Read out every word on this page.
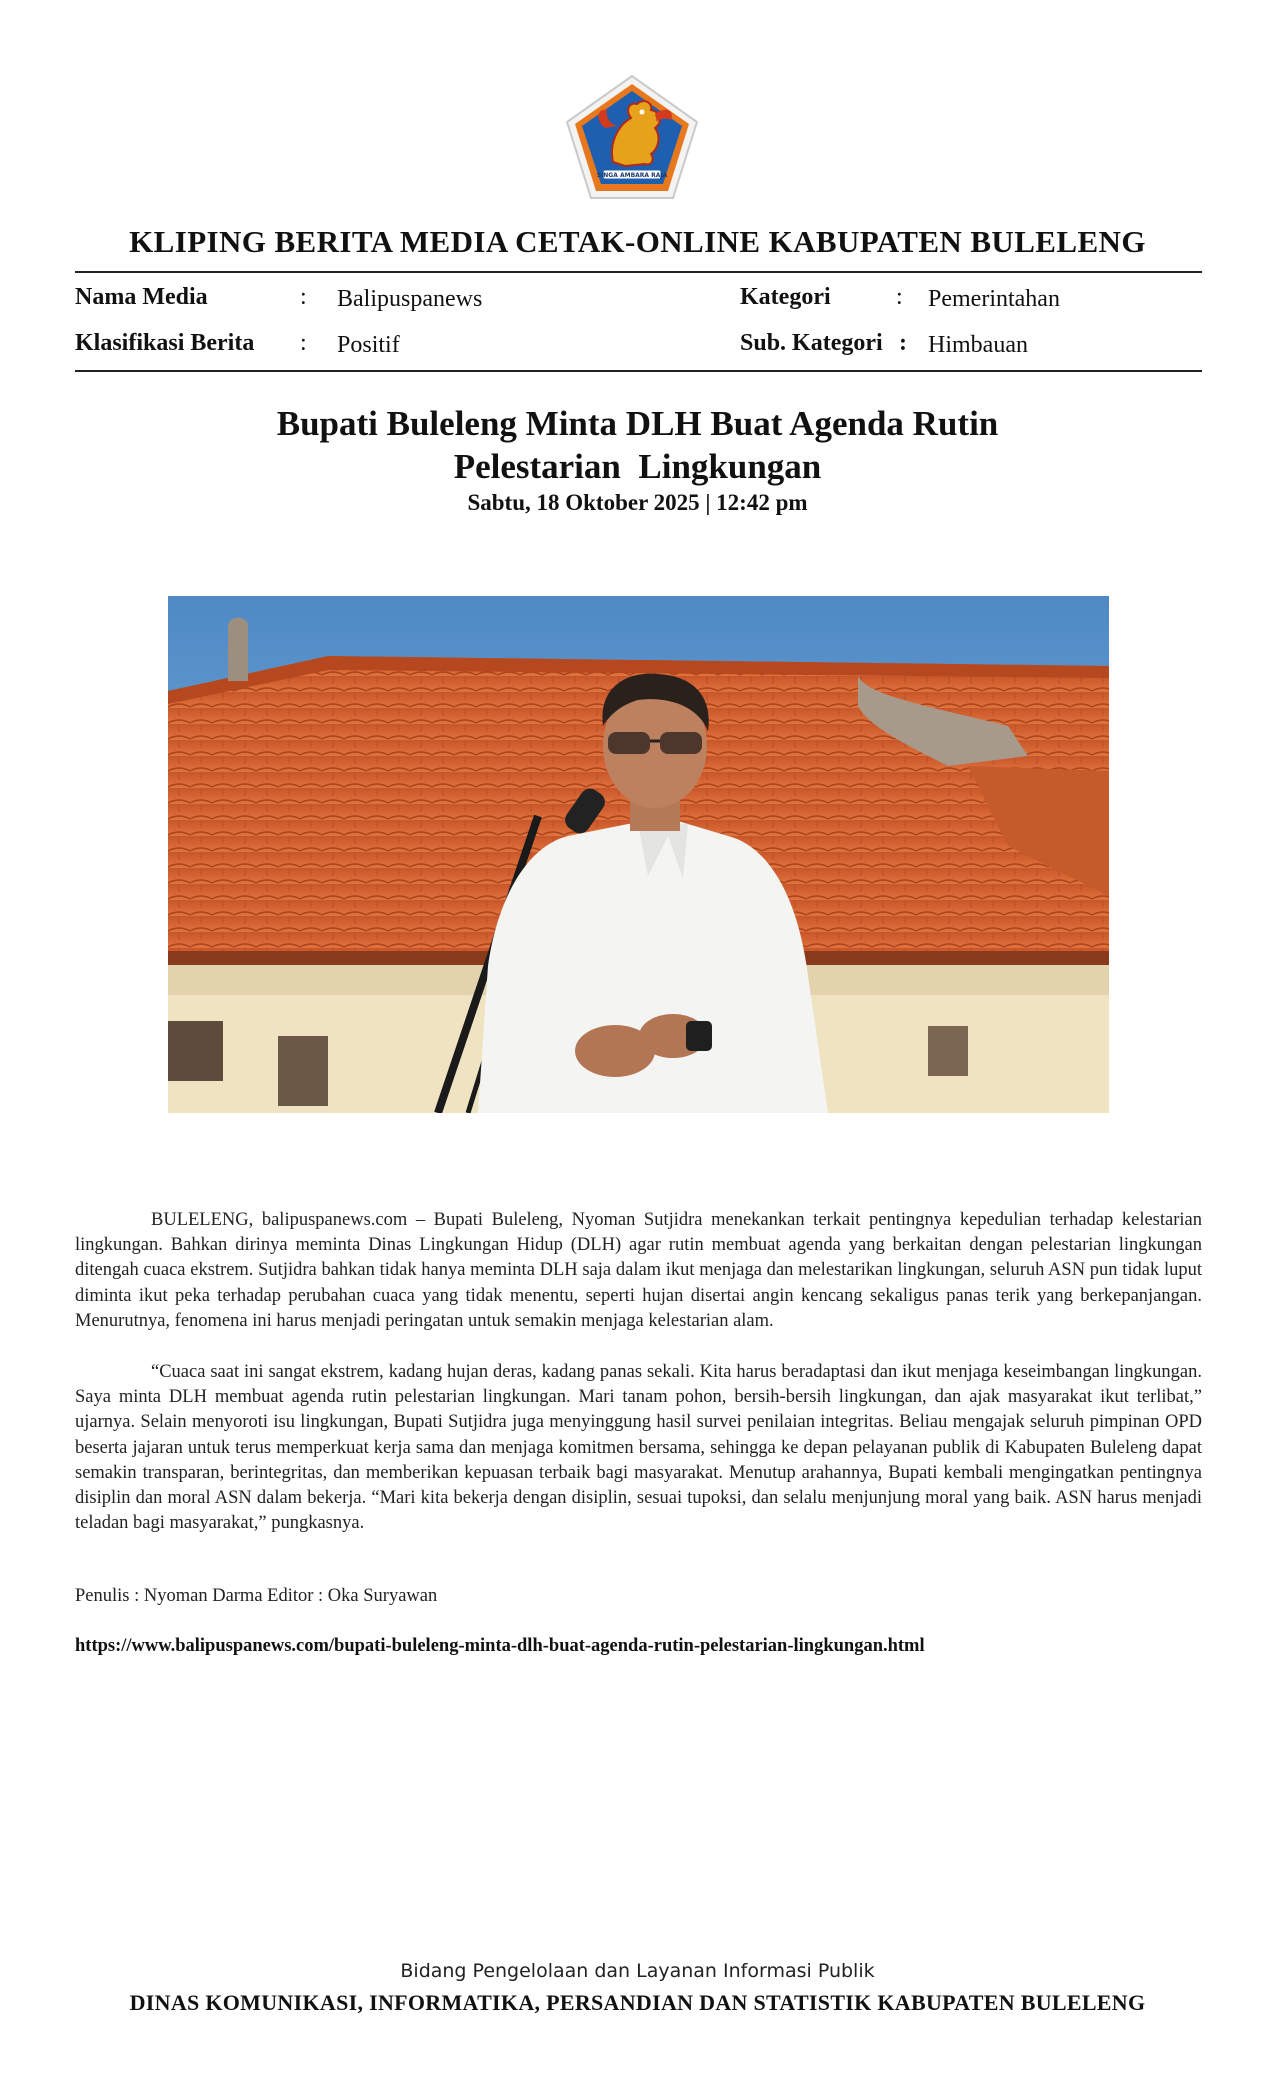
SINGA AMBARA RAJA
KLIPING BERITA MEDIA CETAK-ONLINE KABUPATEN BULELENG
Nama Media	: Balipuspanews
Klasifikasi Berita : Positif
Kategori	: Pemerintahan
Sub. Kategori : Himbauan
Bupati Buleleng Minta DLH Buat Agenda Rutin
Pelestarian  Lingkungan
Sabtu, 18 Oktober 2025 | 12:42 pm

BULELENG, balipuspanews.com – Bupati Buleleng, Nyoman Sutjidra menekankan terkait pentingnya kepedulian terhadap kelestarian lingkungan. Bahkan dirinya meminta Dinas Lingkungan Hidup (DLH) agar rutin membuat agenda yang berkaitan dengan pelestarian lingkungan ditengah cuaca ekstrem. Sutjidra bahkan tidak hanya meminta DLH saja dalam ikut menjaga dan melestarikan lingkungan, seluruh ASN pun tidak luput diminta ikut peka terhadap perubahan cuaca yang tidak menentu, seperti hujan disertai angin kencang sekaligus panas terik yang berkepanjangan. Menurutnya, fenomena ini harus menjadi peringatan untuk semakin menjaga kelestarian alam.

“Cuaca saat ini sangat ekstrem, kadang hujan deras, kadang panas sekali. Kita harus beradaptasi dan ikut menjaga keseimbangan lingkungan. Saya minta DLH membuat agenda rutin pelestarian lingkungan. Mari tanam pohon, bersih-bersih lingkungan, dan ajak masyarakat ikut terlibat,” ujarnya. Selain menyoroti isu lingkungan, Bupati Sutjidra juga menyinggung hasil survei penilaian integritas. Beliau mengajak seluruh pimpinan OPD beserta jajaran untuk terus memperkuat kerja sama dan menjaga komitmen bersama, sehingga ke depan pelayanan publik di Kabupaten Buleleng dapat semakin transparan, berintegritas, dan memberikan kepuasan terbaik bagi masyarakat. Menutup arahannya, Bupati kembali mengingatkan pentingnya disiplin dan moral ASN dalam bekerja. “Mari kita bekerja dengan disiplin, sesuai tupoksi, dan selalu menjunjung moral yang baik. ASN harus menjadi teladan bagi masyarakat,” pungkasnya.

Penulis : Nyoman Darma Editor : Oka Suryawan
https://www.balipuspanews.com/bupati-buleleng-minta-dlh-buat-agenda-rutin-pelestarian-lingkungan.html
Bidang Pengelolaan dan Layanan Informasi Publik
DINAS KOMUNIKASI, INFORMATIKA, PERSANDIAN DAN STATISTIK KABUPATEN BULELENG
